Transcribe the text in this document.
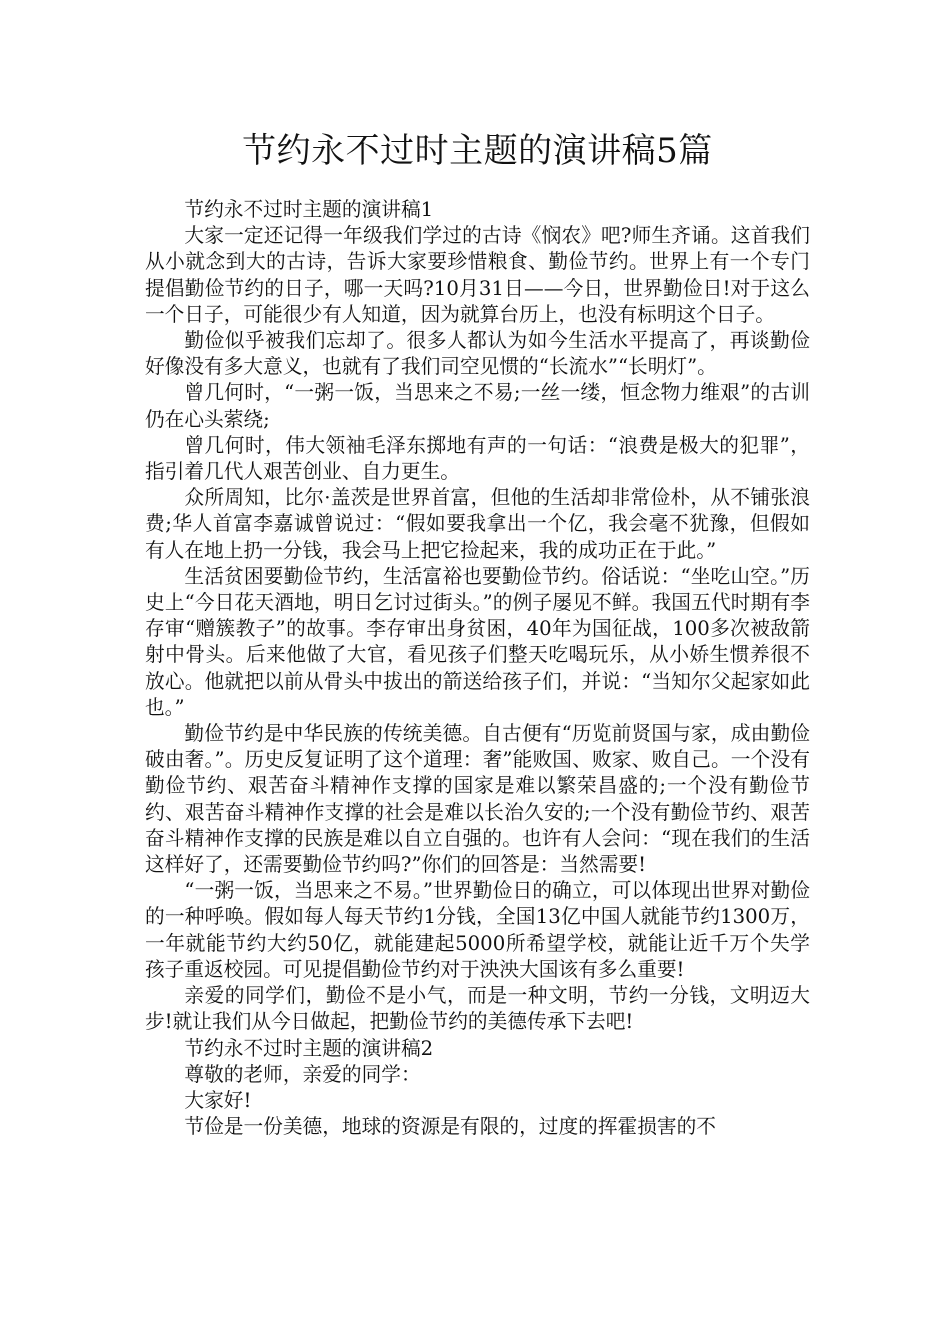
节约永不过时主题的演讲稿5篇

节约永不过时主题的演讲稿1

大家一定还记得一年级我们学过的古诗《悯农》吧?师生齐诵。这首我们从小就念到大的古诗，告诉大家要珍惜粮食、勤俭节约。世界上有一个专门提倡勤俭节约的日子，哪一天吗?10月31日——今日，世界勤俭日!对于这么一个日子，可能很少有人知道，因为就算台历上，也没有标明这个日子。

勤俭似乎被我们忘却了。很多人都认为如今生活水平提高了，再谈勤俭好像没有多大意义，也就有了我们司空见惯的“长流水”“长明灯”。

曾几何时，“一粥一饭，当思来之不易;一丝一缕，恒念物力维艰”的古训仍在心头萦绕;

曾几何时，伟大领袖毛泽东掷地有声的一句话：“浪费是极大的犯罪”，指引着几代人艰苦创业、自力更生。

众所周知，比尔·盖茨是世界首富，但他的生活却非常俭朴，从不铺张浪费;华人首富李嘉诚曾说过：“假如要我拿出一个亿，我会毫不犹豫，但假如有人在地上扔一分钱，我会马上把它捡起来，我的成功正在于此。”

生活贫困要勤俭节约，生活富裕也要勤俭节约。俗话说：“坐吃山空。”历史上“今日花天酒地，明日乞讨过街头。”的例子屡见不鲜。我国五代时期有李存审“赠簇教子”的故事。李存审出身贫困，40年为国征战，100多次被敌箭射中骨头。后来他做了大官，看见孩子们整天吃喝玩乐，从小娇生惯养很不放心。他就把以前从骨头中拔出的箭送给孩子们，并说：“当知尔父起家如此也。”

勤俭节约是中华民族的传统美德。自古便有“历览前贤国与家，成由勤俭破由奢。”。历史反复证明了这个道理：奢”能败国、败家、败自己。一个没有勤俭节约、艰苦奋斗精神作支撑的国家是难以繁荣昌盛的;一个没有勤俭节约、艰苦奋斗精神作支撑的社会是难以长治久安的;一个没有勤俭节约、艰苦奋斗精神作支撑的民族是难以自立自强的。也许有人会问：“现在我们的生活这样好了，还需要勤俭节约吗?”你们的回答是：当然需要!

“一粥一饭，当思来之不易。”世界勤俭日的确立，可以体现出世界对勤俭的一种呼唤。假如每人每天节约1分钱，全国13亿中国人就能节约1300万，一年就能节约大约50亿，就能建起5000所希望学校，就能让近千万个失学孩子重返校园。可见提倡勤俭节约对于泱泱大国该有多么重要!

亲爱的同学们，勤俭不是小气，而是一种文明，节约一分钱，文明迈大步!就让我们从今日做起，把勤俭节约的美德传承下去吧!

节约永不过时主题的演讲稿2

尊敬的老师，亲爱的同学：

大家好!

节俭是一份美德，地球的资源是有限的，过度的挥霍损害的不
